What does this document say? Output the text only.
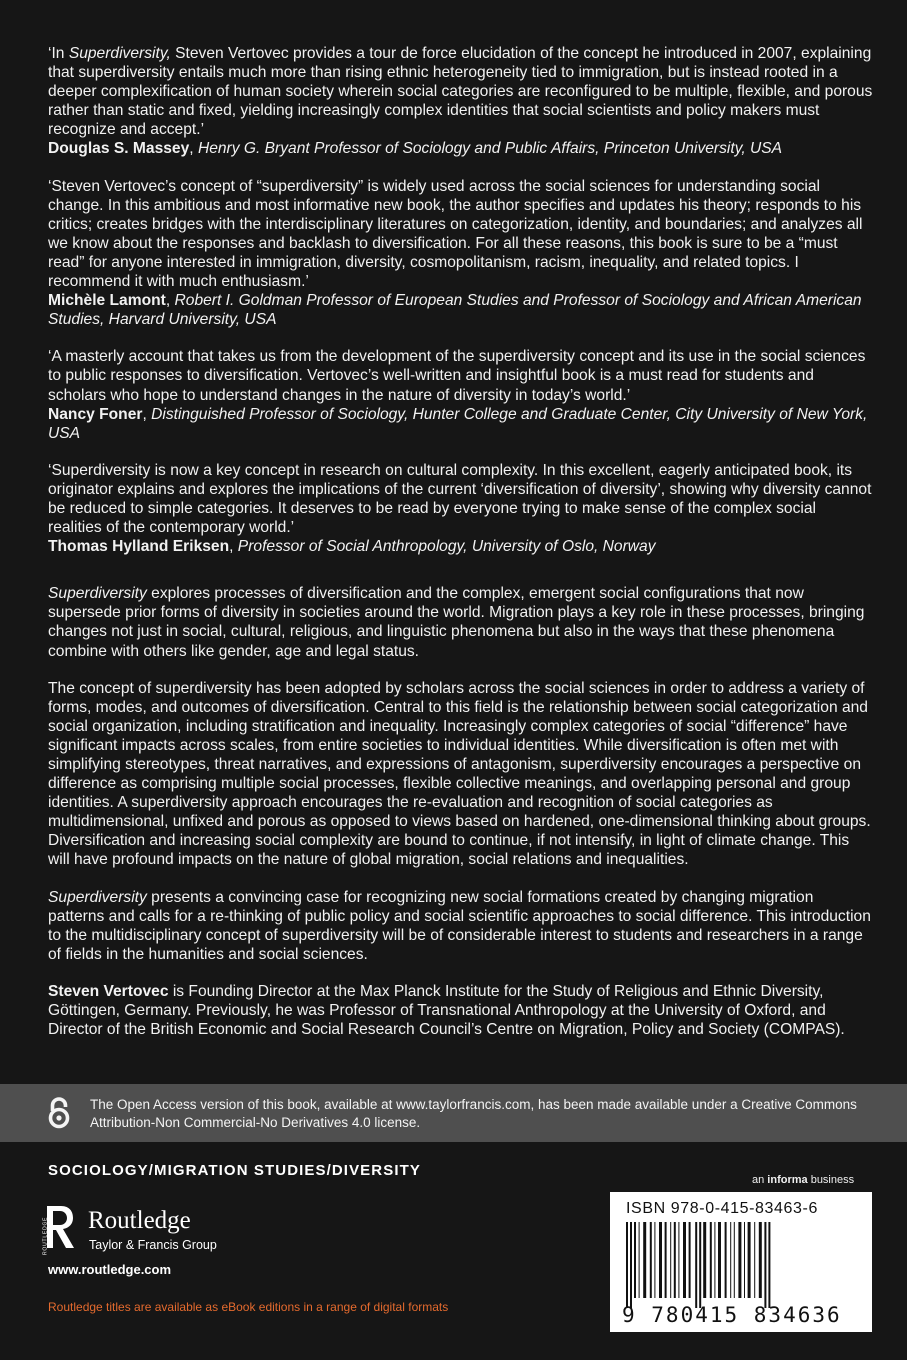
‘In Superdiversity, Steven Vertovec provides a tour de force elucidation of the concept he introduced in 2007, explaining that superdiversity entails much more than rising ethnic heterogeneity tied to immigration, but is instead rooted in a deeper complexification of human society wherein social categories are reconfigured to be multiple, flexible, and porous rather than static and fixed, yielding increasingly complex identities that social scientists and policy makers must recognize and accept.’

Douglas S. Massey, Henry G. Bryant Professor of Sociology and Public Affairs, Princeton University, USA

‘Steven Vertovec’s concept of “superdiversity” is widely used across the social sciences for understanding social change. In this ambitious and most informative new book, the author specifies and updates his theory; responds to his critics; creates bridges with the interdisciplinary literatures on categorization, identity, and boundaries; and analyzes all we know about the responses and backlash to diversification. For all these reasons, this book is sure to be a “must read” for anyone interested in immigration, diversity, cosmopolitanism, racism, inequality, and related topics. I recommend it with much enthusiasm.’

Michèle Lamont, Robert I. Goldman Professor of European Studies and Professor of Sociology and African American Studies, Harvard University, USA

‘A masterly account that takes us from the development of the superdiversity concept and its use in the social sciences to public responses to diversification. Vertovec’s well-written and insightful book is a must read for students and scholars who hope to understand changes in the nature of diversity in today’s world.’

Nancy Foner, Distinguished Professor of Sociology, Hunter College and Graduate Center, City University of New York, USA

‘Superdiversity is now a key concept in research on cultural complexity. In this excellent, eagerly anticipated book, its originator explains and explores the implications of the current ‘diversification of diversity’, showing why diversity cannot be reduced to simple categories. It deserves to be read by everyone trying to make sense of the complex social realities of the contemporary world.’

Thomas Hylland Eriksen, Professor of Social Anthropology, University of Oslo, Norway

Superdiversity explores processes of diversification and the complex, emergent social configurations that now supersede prior forms of diversity in societies around the world. Migration plays a key role in these processes, bringing changes not just in social, cultural, religious, and linguistic phenomena but also in the ways that these phenomena combine with others like gender, age and legal status.

The concept of superdiversity has been adopted by scholars across the social sciences in order to address a variety of forms, modes, and outcomes of diversification. Central to this field is the relationship between social categorization and social organization, including stratification and inequality. Increasingly complex categories of social “difference” have significant impacts across scales, from entire societies to individual identities. While diversification is often met with simplifying stereotypes, threat narratives, and expressions of antagonism, superdiversity encourages a perspective on difference as comprising multiple social processes, flexible collective meanings, and overlapping personal and group identities. A superdiversity approach encourages the re-evaluation and recognition of social categories as multidimensional, unfixed and porous as opposed to views based on hardened, one-dimensional thinking about groups. Diversification and increasing social complexity are bound to continue, if not intensify, in light of climate change. This will have profound impacts on the nature of global migration, social relations and inequalities.

Superdiversity presents a convincing case for recognizing new social formations created by changing migration patterns and calls for a re-thinking of public policy and social scientific approaches to social difference. This introduction to the multidisciplinary concept of superdiversity will be of considerable interest to students and researchers in a range of fields in the humanities and social sciences.

Steven Vertovec is Founding Director at the Max Planck Institute for the Study of Religious and Ethnic Diversity, Göttingen, Germany. Previously, he was Professor of Transnational Anthropology at the University of Oxford, and Director of the British Economic and Social Research Council’s Centre on Migration, Policy and Society (COMPAS).

The Open Access version of this book, available at www.taylorfrancis.com, has been made available under a Creative Commons Attribution-Non Commercial-No Derivatives 4.0 license.
SOCIOLOGY/MIGRATION STUDIES/DIVERSITY
an informa business
ROUTLEDGE Routledge
Taylor & Francis Group
www.routledge.com
Routledge titles are available as eBook editions in a range of digital formats
ISBN 978-0-415-83463-6
9 780415 834636
